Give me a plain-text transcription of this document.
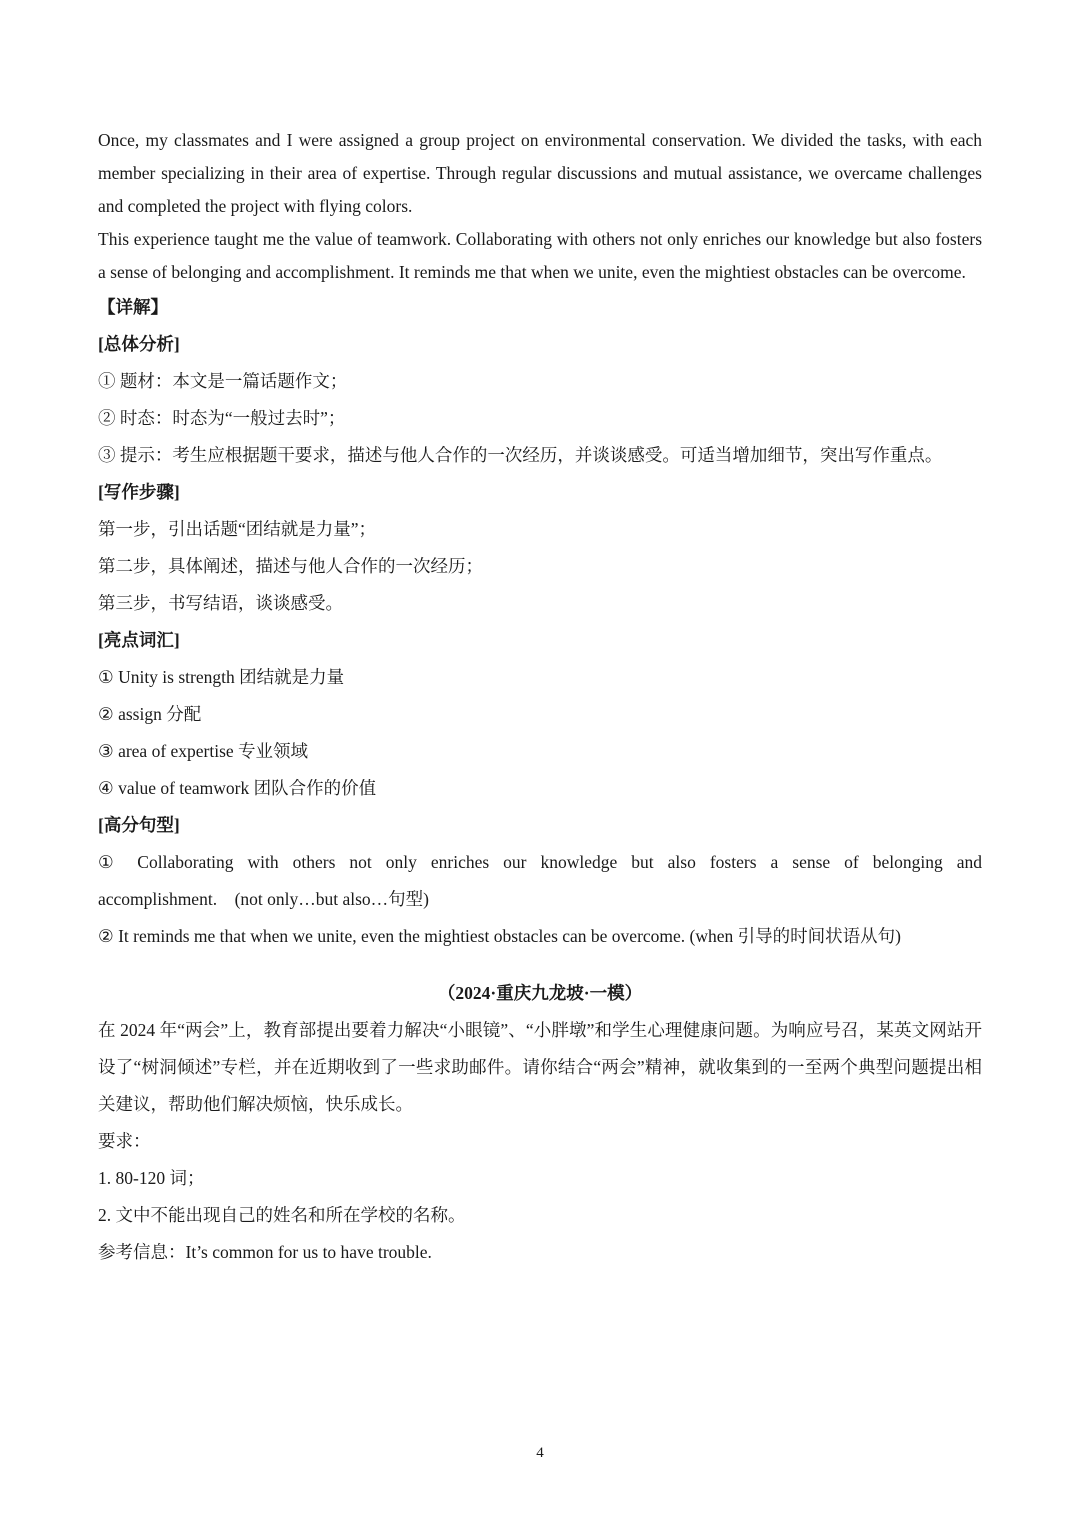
Once, my classmates and I were assigned a group project on environmental conservation. We divided the tasks, with each member specializing in their area of expertise. Through regular discussions and mutual assistance, we overcame challenges and completed the project with flying colors.

This experience taught me the value of teamwork. Collaborating with others not only enriches our knowledge but also fosters a sense of belonging and accomplishment. It reminds me that when we unite, even the mightiest obstacles can be overcome.

【详解】

[总体分析]

① 题材：本文是一篇话题作文；

② 时态：时态为“一般过去时”；

③ 提示：考生应根据题干要求，描述与他人合作的一次经历，并谈谈感受。可适当增加细节，突出写作重点。

[写作步骤]

第一步，引出话题“团结就是力量”；

第二步，具体阐述，描述与他人合作的一次经历；

第三步，书写结语，谈谈感受。

[亮点词汇]

① Unity is strength 团结就是力量

② assign 分配

③ area of expertise 专业领域

④ value of teamwork 团队合作的价值

[高分句型]

① Collaborating with others not only enriches our knowledge but also fosters a sense of belonging and accomplishment.    (not only…but also…句型)

② It reminds me that when we unite, even the mightiest obstacles can be overcome. (when 引导的时间状语从句)

（2024·重庆九龙坡·一模）

在 2024 年“两会”上，教育部提出要着力解决“小眼镜”、“小胖墩”和学生心理健康问题。为响应号召，某英文网站开设了“树洞倾述”专栏，并在近期收到了一些求助邮件。请你结合“两会”精神，就收集到的一至两个典型问题提出相关建议，帮助他们解决烦恼，快乐成长。

要求：

1. 80-120 词；

2. 文中不能出现自己的姓名和所在学校的名称。

参考信息：It’s common for us to have trouble.

4
